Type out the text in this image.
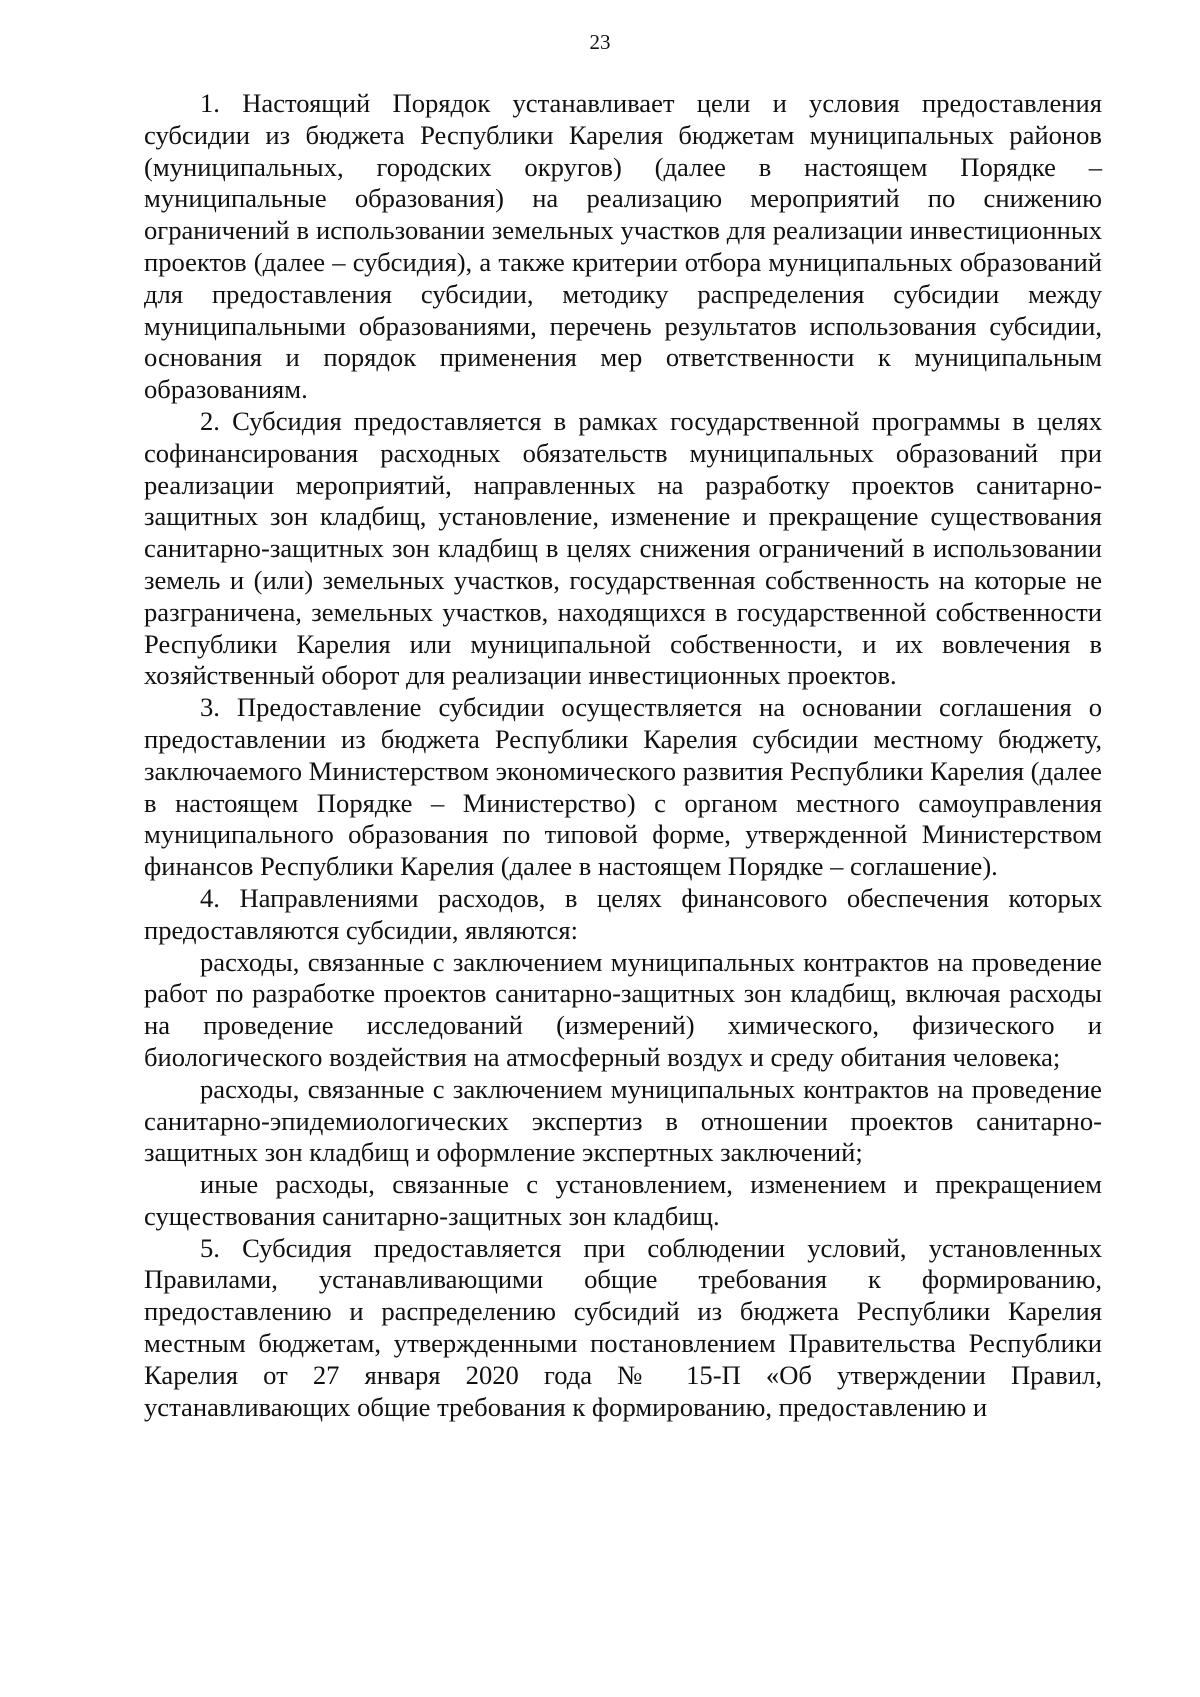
23

1. Настоящий Порядок устанавливает цели и условия предоставления субсидии из бюджета Республики Карелия бюджетам муниципальных районов (муниципальных, городских округов) (далее в настоящем Порядке – муниципальные образования) на реализацию мероприятий по снижению ограничений в использовании земельных участков для реализации инвестиционных проектов (далее – субсидия), а также критерии отбора муниципальных образований для предоставления субсидии, методику распределения субсидии между муниципальными образованиями, перечень результатов использования субсидии, основания и порядок применения мер ответственности к муниципальным образованиям.

2. Субсидия предоставляется в рамках государственной программы в целях софинансирования расходных обязательств муниципальных образований при реализации мероприятий, направленных на разработку проектов санитарно-защитных зон кладбищ, установление, изменение и прекращение существования санитарно-защитных зон кладбищ в целях снижения ограничений в использовании земель и (или) земельных участков, государственная собственность на которые не разграничена, земельных участков, находящихся в государственной собственности Республики Карелия или муниципальной собственности, и их вовлечения в хозяйственный оборот для реализации инвестиционных проектов.

3. Предоставление субсидии осуществляется на основании соглашения о предоставлении из бюджета Республики Карелия субсидии местному бюджету, заключаемого Министерством экономического развития Республики Карелия (далее в настоящем Порядке – Министерство) с органом местного самоуправления муниципального образования по типовой форме, утвержденной Министерством финансов Республики Карелия (далее в настоящем Порядке – соглашение).

4. Направлениями расходов, в целях финансового обеспечения которых предоставляются субсидии, являются:

расходы, связанные с заключением муниципальных контрактов на проведение работ по разработке проектов санитарно-защитных зон кладбищ, включая расходы на проведение исследований (измерений) химического, физического и биологического воздействия на атмосферный воздух и среду обитания человека;

расходы, связанные с заключением муниципальных контрактов на проведение санитарно-эпидемиологических экспертиз в отношении проектов санитарно-защитных зон кладбищ и оформление экспертных заключений;

иные расходы, связанные с установлением, изменением и прекращением существования санитарно-защитных зон кладбищ.

5. Субсидия предоставляется при соблюдении условий, установленных Правилами, устанавливающими общие требования к формированию, предоставлению и распределению субсидий из бюджета Республики Карелия местным бюджетам, утвержденными постановлением Правительства Республики Карелия от 27 января 2020 года № 15-П «Об утверждении Правил, устанавливающих общие требования к формированию, предоставлению и
